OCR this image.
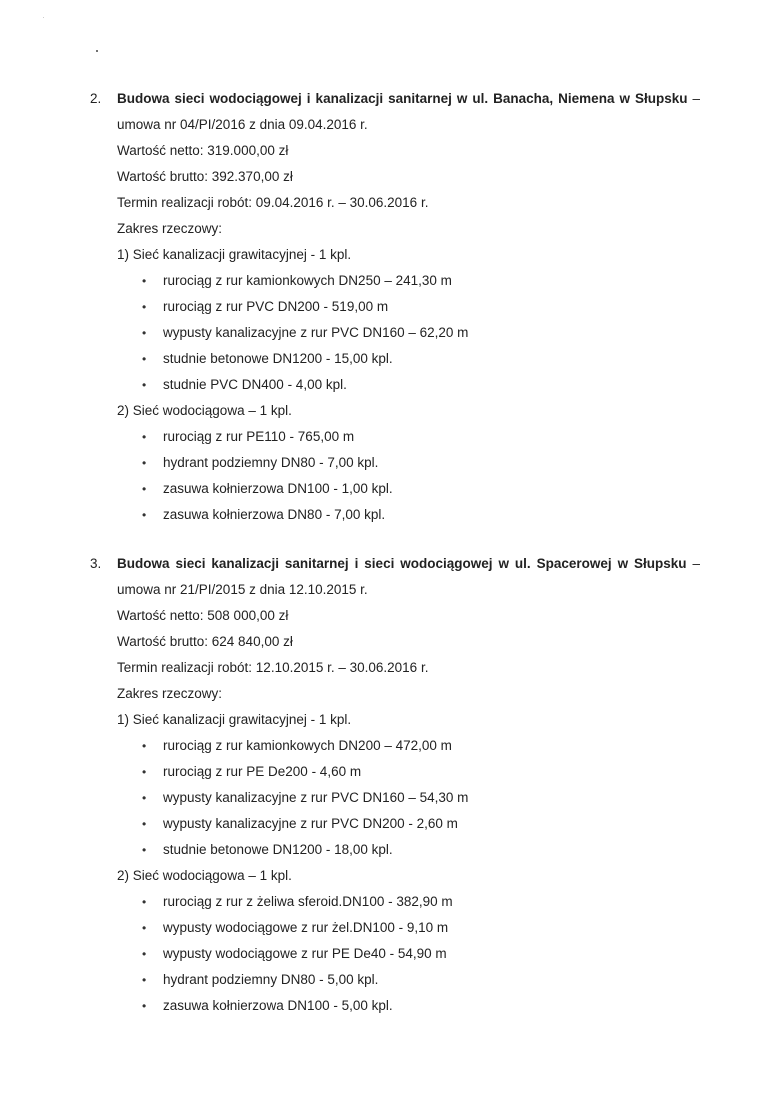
2. Budowa sieci wodociągowej i kanalizacji sanitarnej w ul. Banacha, Niemena w Słupsku – umowa nr 04/PI/2016 z dnia 09.04.2016 r.
Wartość netto: 319.000,00 zł
Wartość brutto: 392.370,00 zł
Termin realizacji robót: 09.04.2016 r. – 30.06.2016 r.
Zakres rzeczowy:
1) Sieć kanalizacji grawitacyjnej - 1 kpl.
• rurociąg z rur kamionkowych DN250 – 241,30 m
• rurociąg z rur PVC DN200 - 519,00 m
• wypusty kanalizacyjne z rur PVC DN160 – 62,20 m
• studnie betonowe DN1200 - 15,00 kpl.
• studnie PVC DN400 - 4,00 kpl.
2) Sieć wodociągowa – 1 kpl.
• rurociąg z rur PE110 - 765,00 m
• hydrant podziemny DN80 - 7,00 kpl.
• zasuwa kołnierzowa DN100 - 1,00 kpl.
• zasuwa kołnierzowa DN80 - 7,00 kpl.
3. Budowa sieci kanalizacji sanitarnej i sieci wodociągowej w ul. Spacerowej w Słupsku – umowa nr 21/PI/2015 z dnia 12.10.2015 r.
Wartość netto: 508 000,00 zł
Wartość brutto: 624 840,00 zł
Termin realizacji robót: 12.10.2015 r. – 30.06.2016 r.
Zakres rzeczowy:
1) Sieć kanalizacji grawitacyjnej - 1 kpl.
• rurociąg z rur kamionkowych DN200 – 472,00 m
• rurociąg z rur PE De200 - 4,60 m
• wypusty kanalizacyjne z rur PVC DN160 – 54,30 m
• wypusty kanalizacyjne z rur PVC DN200 - 2,60 m
• studnie betonowe DN1200 - 18,00 kpl.
2) Sieć wodociągowa – 1 kpl.
• rurociąg z rur z żeliwa sferoid.DN100 - 382,90 m
• wypusty wodociągowe z rur żel.DN100 - 9,10 m
• wypusty wodociągowe z rur PE De40 - 54,90 m
• hydrant podziemny DN80 - 5,00 kpl.
• zasuwa kołnierzowa DN100 - 5,00 kpl.
